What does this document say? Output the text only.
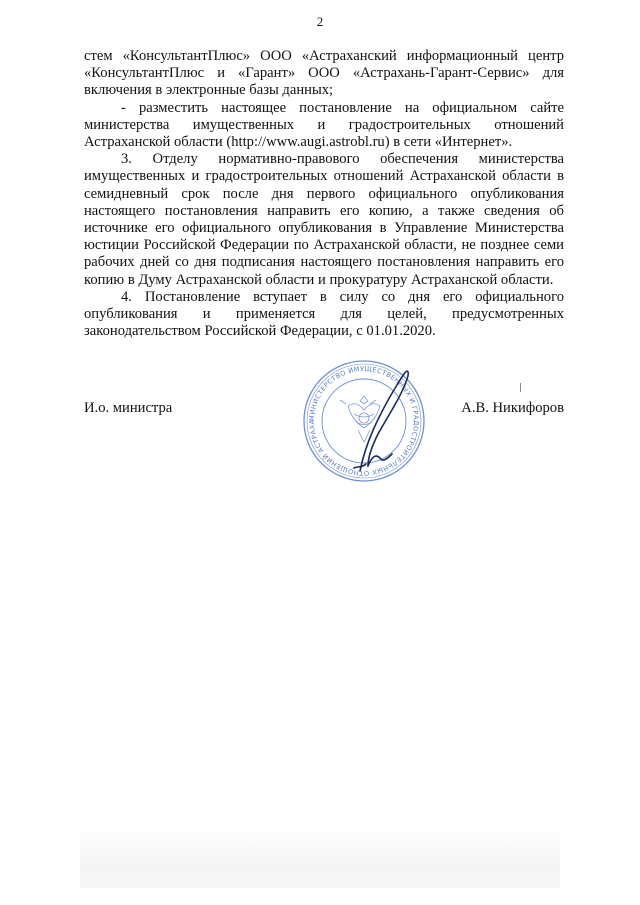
2

стем «КонсультантПлюс» ООО «Астраханский информационный центр «КонсультантПлюс и «Гарант» ООО «Астрахань-Гарант-Сервис» для включения в электронные базы данных;

- разместить настоящее постановление на официальном сайте министерства имущественных и градостроительных отношений Астраханской области (http://www.augi.astrobl.ru) в сети «Интернет».

3. Отделу нормативно-правового обеспечения министерства имущественных и градостроительных отношений Астраханской области в семидневный срок после дня первого официального опубликования настоящего постановления направить его копию, а также сведения об источнике его официального опубликования в Управление Министерства юстиции Российской Федерации по Астраханской области, не позднее семи рабочих дней со дня подписания настоящего постановления направить его копию в Думу Астраханской области и прокуратуру Астраханской области.

4. Постановление вступает в силу со дня его официального опубликования и применяется для целей, предусмотренных законодательством Российской Федерации, с 01.01.2020.

И.о. министра	А.В. Никифоров
МИНИСТЕРСТВО ИМУЩЕСТВЕННЫХ И ГРАДОСТРОИТЕЛЬНЫХ ОТНОШЕНИЙ АСТРАХА
